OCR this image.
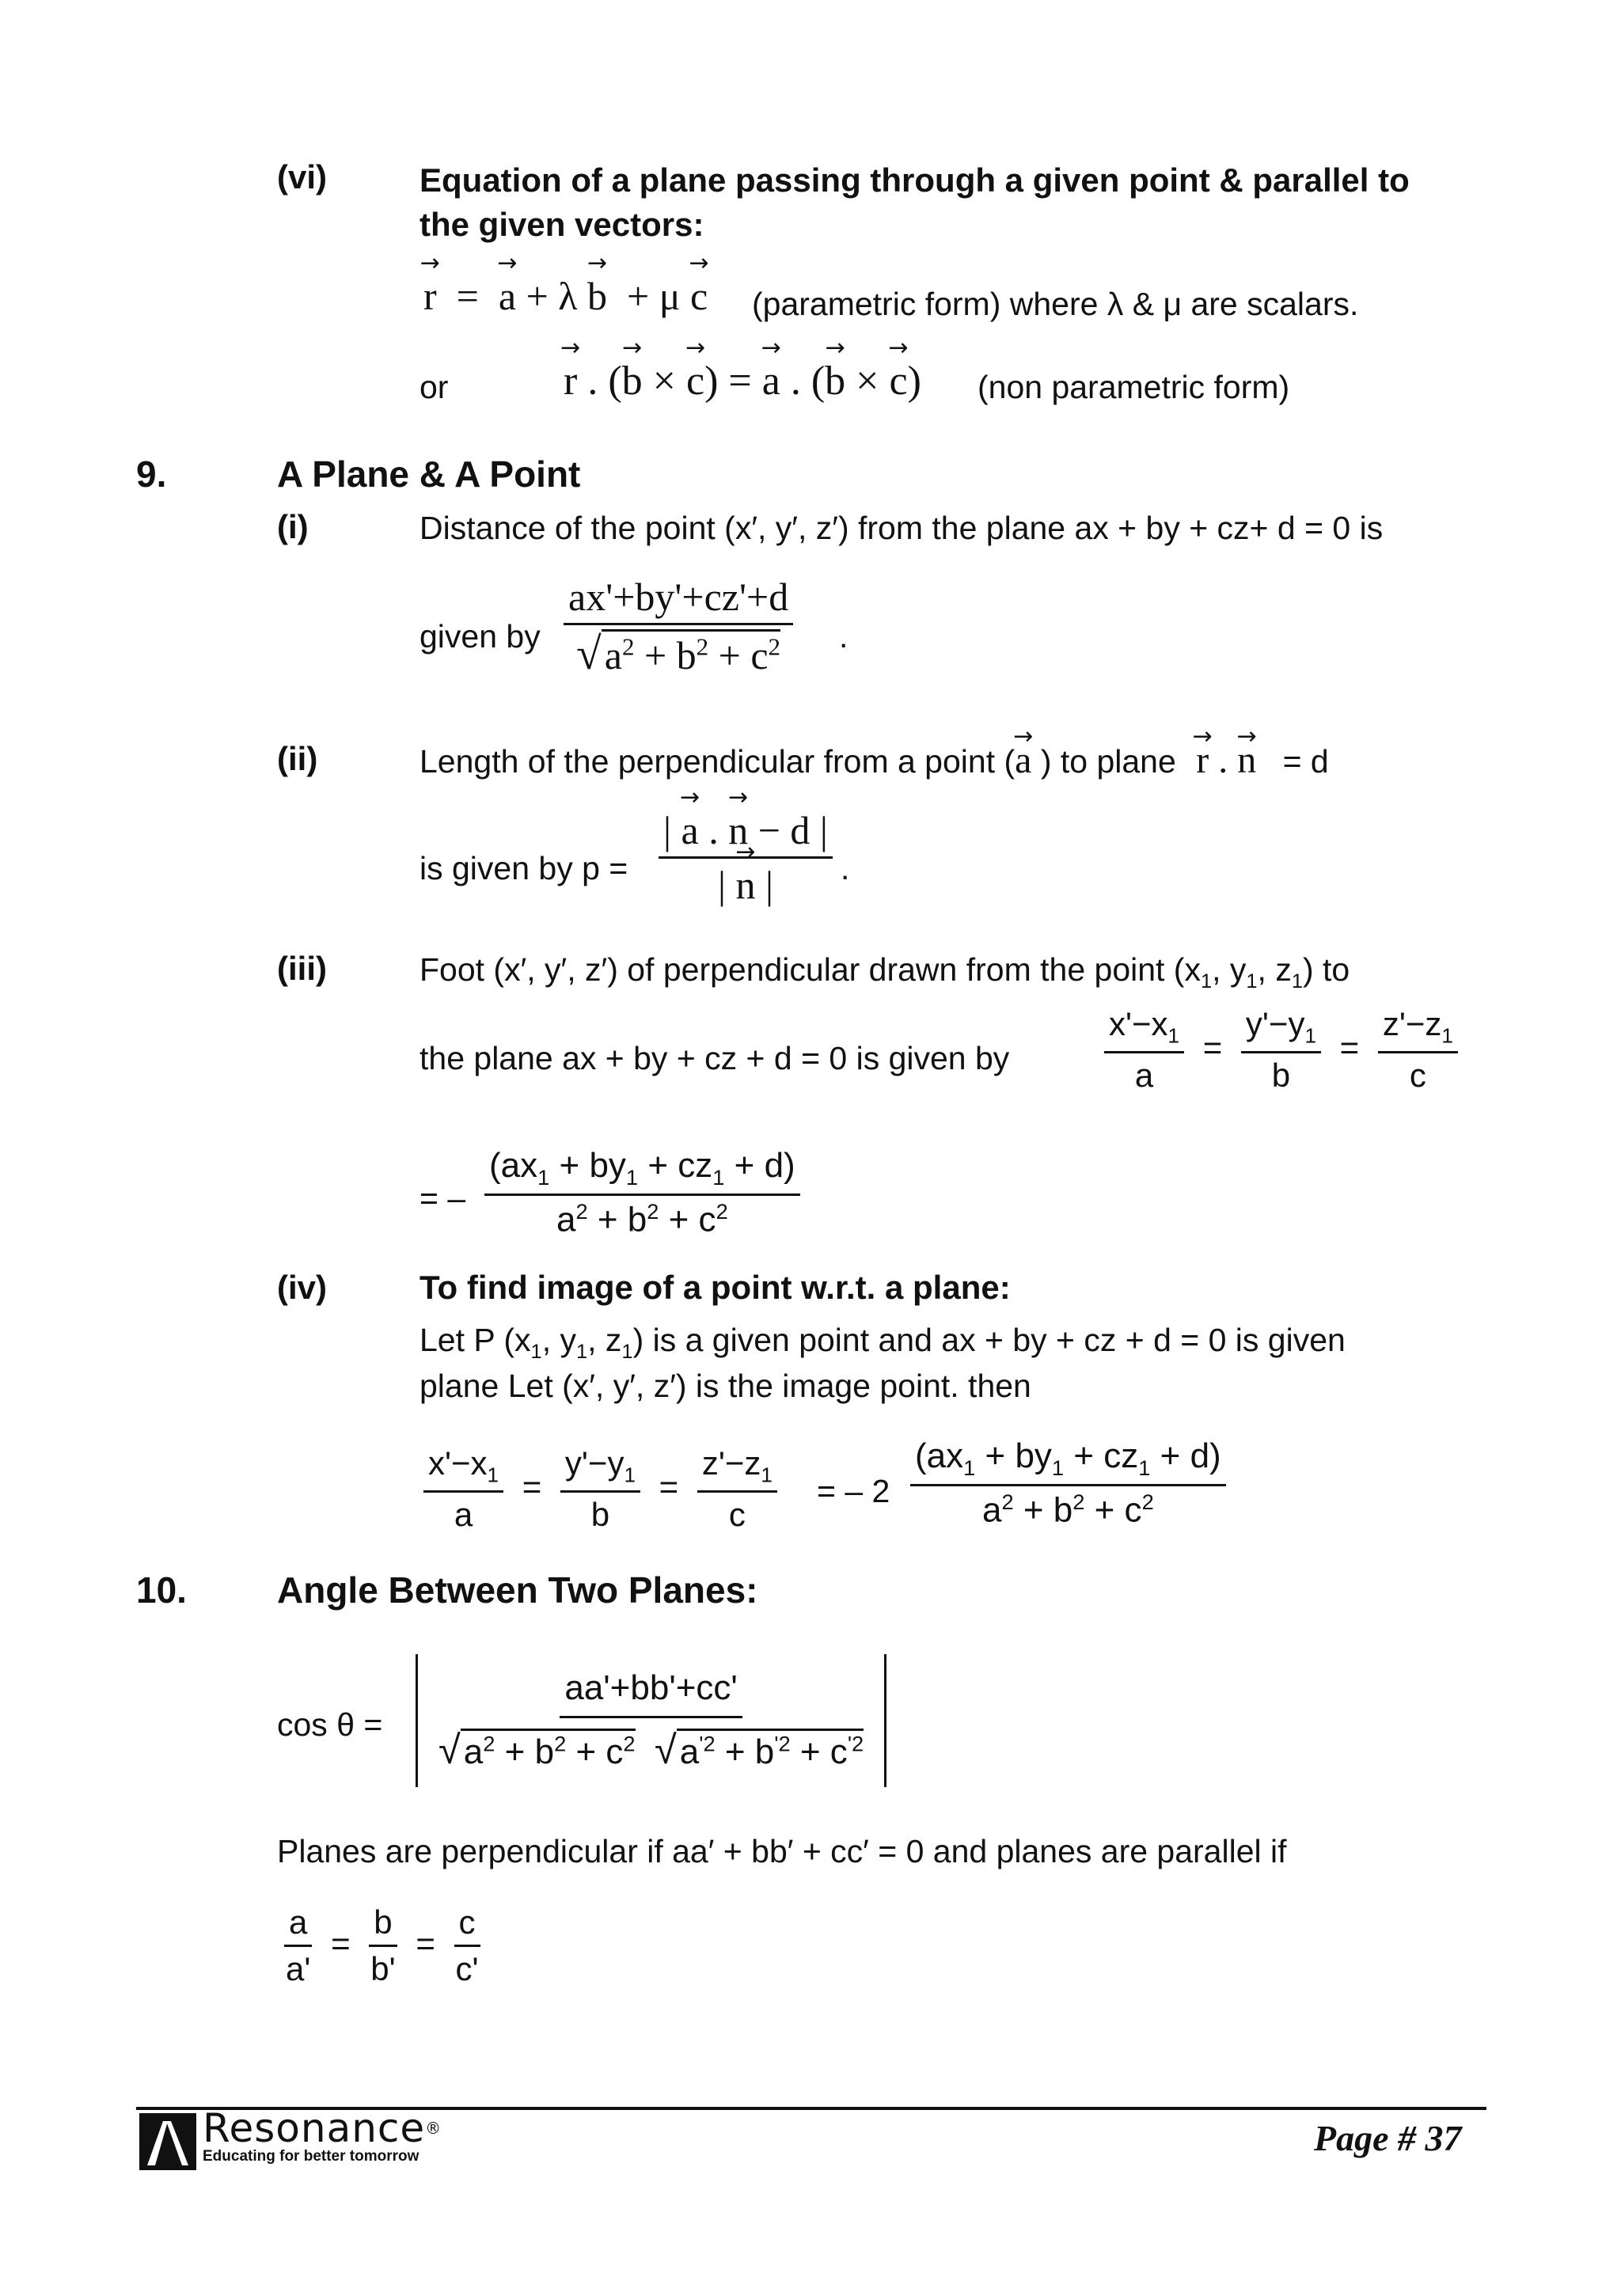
(vi)	Equation of a plane passing through a given point & parallel to
the given vectors:
→ r  =  → a + λ → b  + μ → c (parametric form) where λ & μ are scalars.
or	→ r . (→ b × → c) = → a . (→ b × → c) (non parametric form)
9.	A Plane & A Point
(i)	Distance of the point (x′, y′, z′) from the plane ax + by + cz+ d = 0 is
given by $\frac{ax'+by'+cz'+d}{√a^2 + b^2 + c^2}$ .
(ii)	Length of the perpendicular from a point (→ a ) to plane → r . → n = d
is given by $p = \frac{| \to a . \to n - d |}{| \to n |}$ .
(iii)	Foot (x′, y′, z′) of perpendicular drawn from the point ($x_1$, $y_1$, $z_1$) to
the plane ax + by + cz + d = 0 is given by	$\frac{x'-x_1}{a} = \frac{y'-y_1}{b} = \frac{z'-z_1}{c}$
= – $\frac{(ax_1 + by_1 + cz_1 + d)}{a^2 + b^2 + c^2}$
(iv)	To find image of a point w.r.t. a plane:
Let P ($x_1$, $y_1$, $z_1$) is a given point and ax + by + cz + d = 0 is given
plane Let (x′, y′, z′) is the image point. then
$\frac{x'-x_1}{a} = \frac{y'-y_1}{b} = \frac{z'-z_1}{c}$ = – $2 \frac{(ax_1 + by_1 + cz_1 + d)}{a^2 + b^2 + c^2}$
10. Angle Between Two Planes:
$\cos \theta = \frac{aa'+bb'+cc'}{√a^2 + b^2 + c^2 √a^{'2} + b^{'2} + c^{'2}}$
Planes are perpendicular if aa′ + bb′ + cc′ = 0 and planes are parallel if
$\frac{a}{a'} = \frac{b}{b'} = \frac{c}{c'}$
Resonance®
Educating for better tomorrow	Page # 37
